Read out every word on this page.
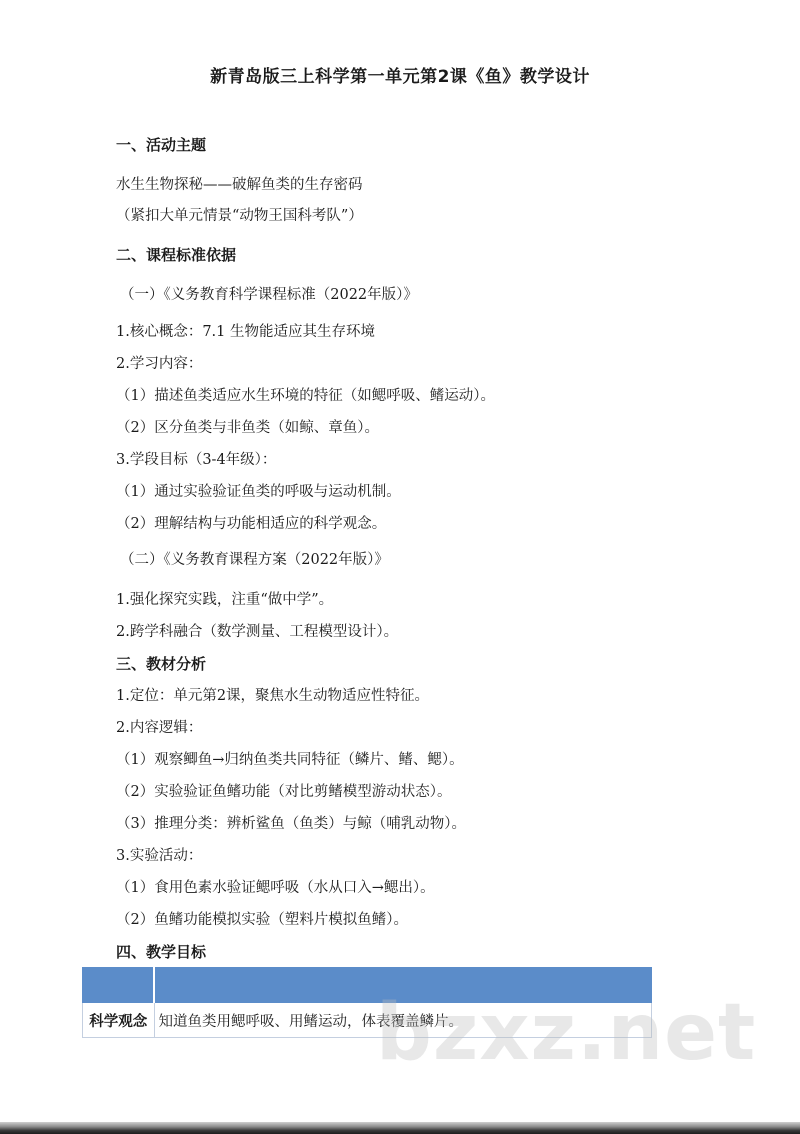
新青岛版三上科学第一单元第2课《鱼》教学设计
一、活动主题
水生生物探秘——破解鱼类的生存密码
（紧扣大单元情景“动物王国科考队”）
二、课程标准依据
（一）《义务教育科学课程标准（2022年版）》
1.核心概念：7.1 生物能适应其生存环境
2.学习内容：
（1）描述鱼类适应水生环境的特征（如鳃呼吸、鳍运动）。
（2）区分鱼类与非鱼类（如鲸、章鱼）。
3.学段目标（3-4年级）：
（1）通过实验验证鱼类的呼吸与运动机制。
（2）理解结构与功能相适应的科学观念。
（二）《义务教育课程方案（2022年版）》
1.强化探究实践，注重“做中学”。
2.跨学科融合（数学测量、工程模型设计）。
三、教材分析
1.定位：单元第2课，聚焦水生动物适应性特征。
2.内容逻辑：
（1）观察鲫鱼→归纳鱼类共同特征（鳞片、鳍、鳃）。
（2）实验验证鱼鳍功能（对比剪鳍模型游动状态）。
（3）推理分类：辨析鲨鱼（鱼类）与鲸（哺乳动物）。
3.实验活动：
（1）食用色素水验证鳃呼吸（水从口入→鳃出）。
（2）鱼鳍功能模拟实验（塑料片模拟鱼鳍）。
四、教学目标

科学观念	知道鱼类用鳃呼吸、用鳍运动，体表覆盖鳞片。
bzxz.net
